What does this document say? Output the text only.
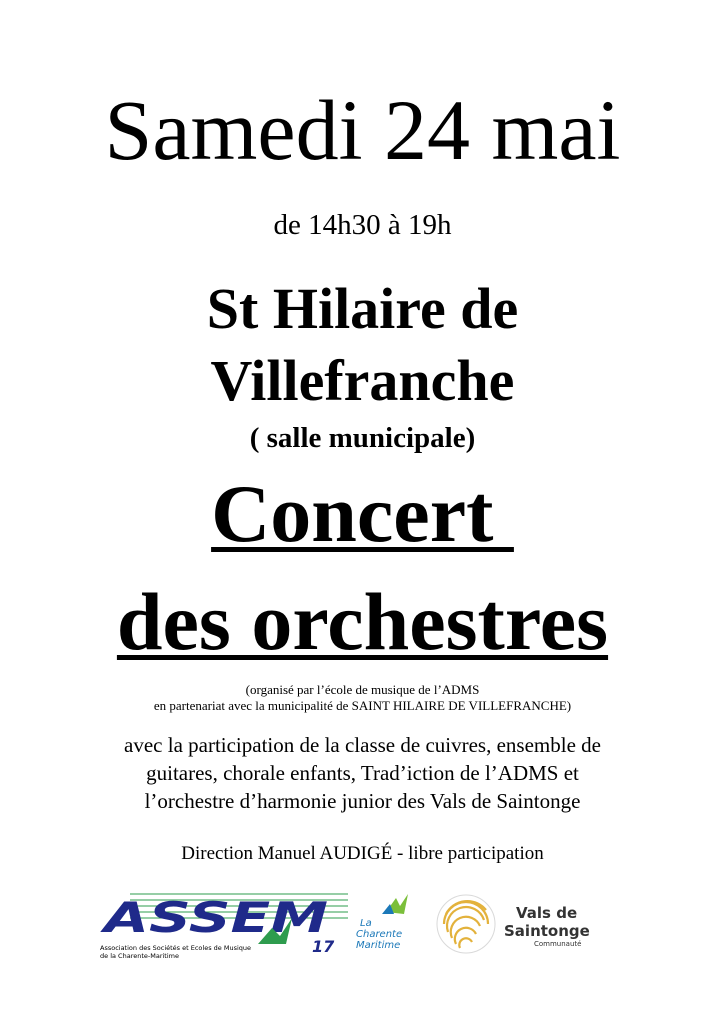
Samedi 24 mai
de 14h30 à 19h
St Hilaire de
Villefranche
( salle municipale)
Concert
des orchestres
(organisé par l’école de musique de l’ADMS
en partenariat avec la municipalité de SAINT HILAIRE DE VILLEFRANCHE)
avec la participation de la classe de cuivres, ensemble de
guitares, chorale enfants, Trad’iction de l’ADMS et
l’orchestre d’harmonie junior des Vals de Saintonge
Direction Manuel AUDIGÉ - libre participation
ASSEM
17
Association des Sociétés et Ecoles de Musique
de la Charente-Maritime
La
Charente
Maritime
Vals de
Saintonge
Communauté
